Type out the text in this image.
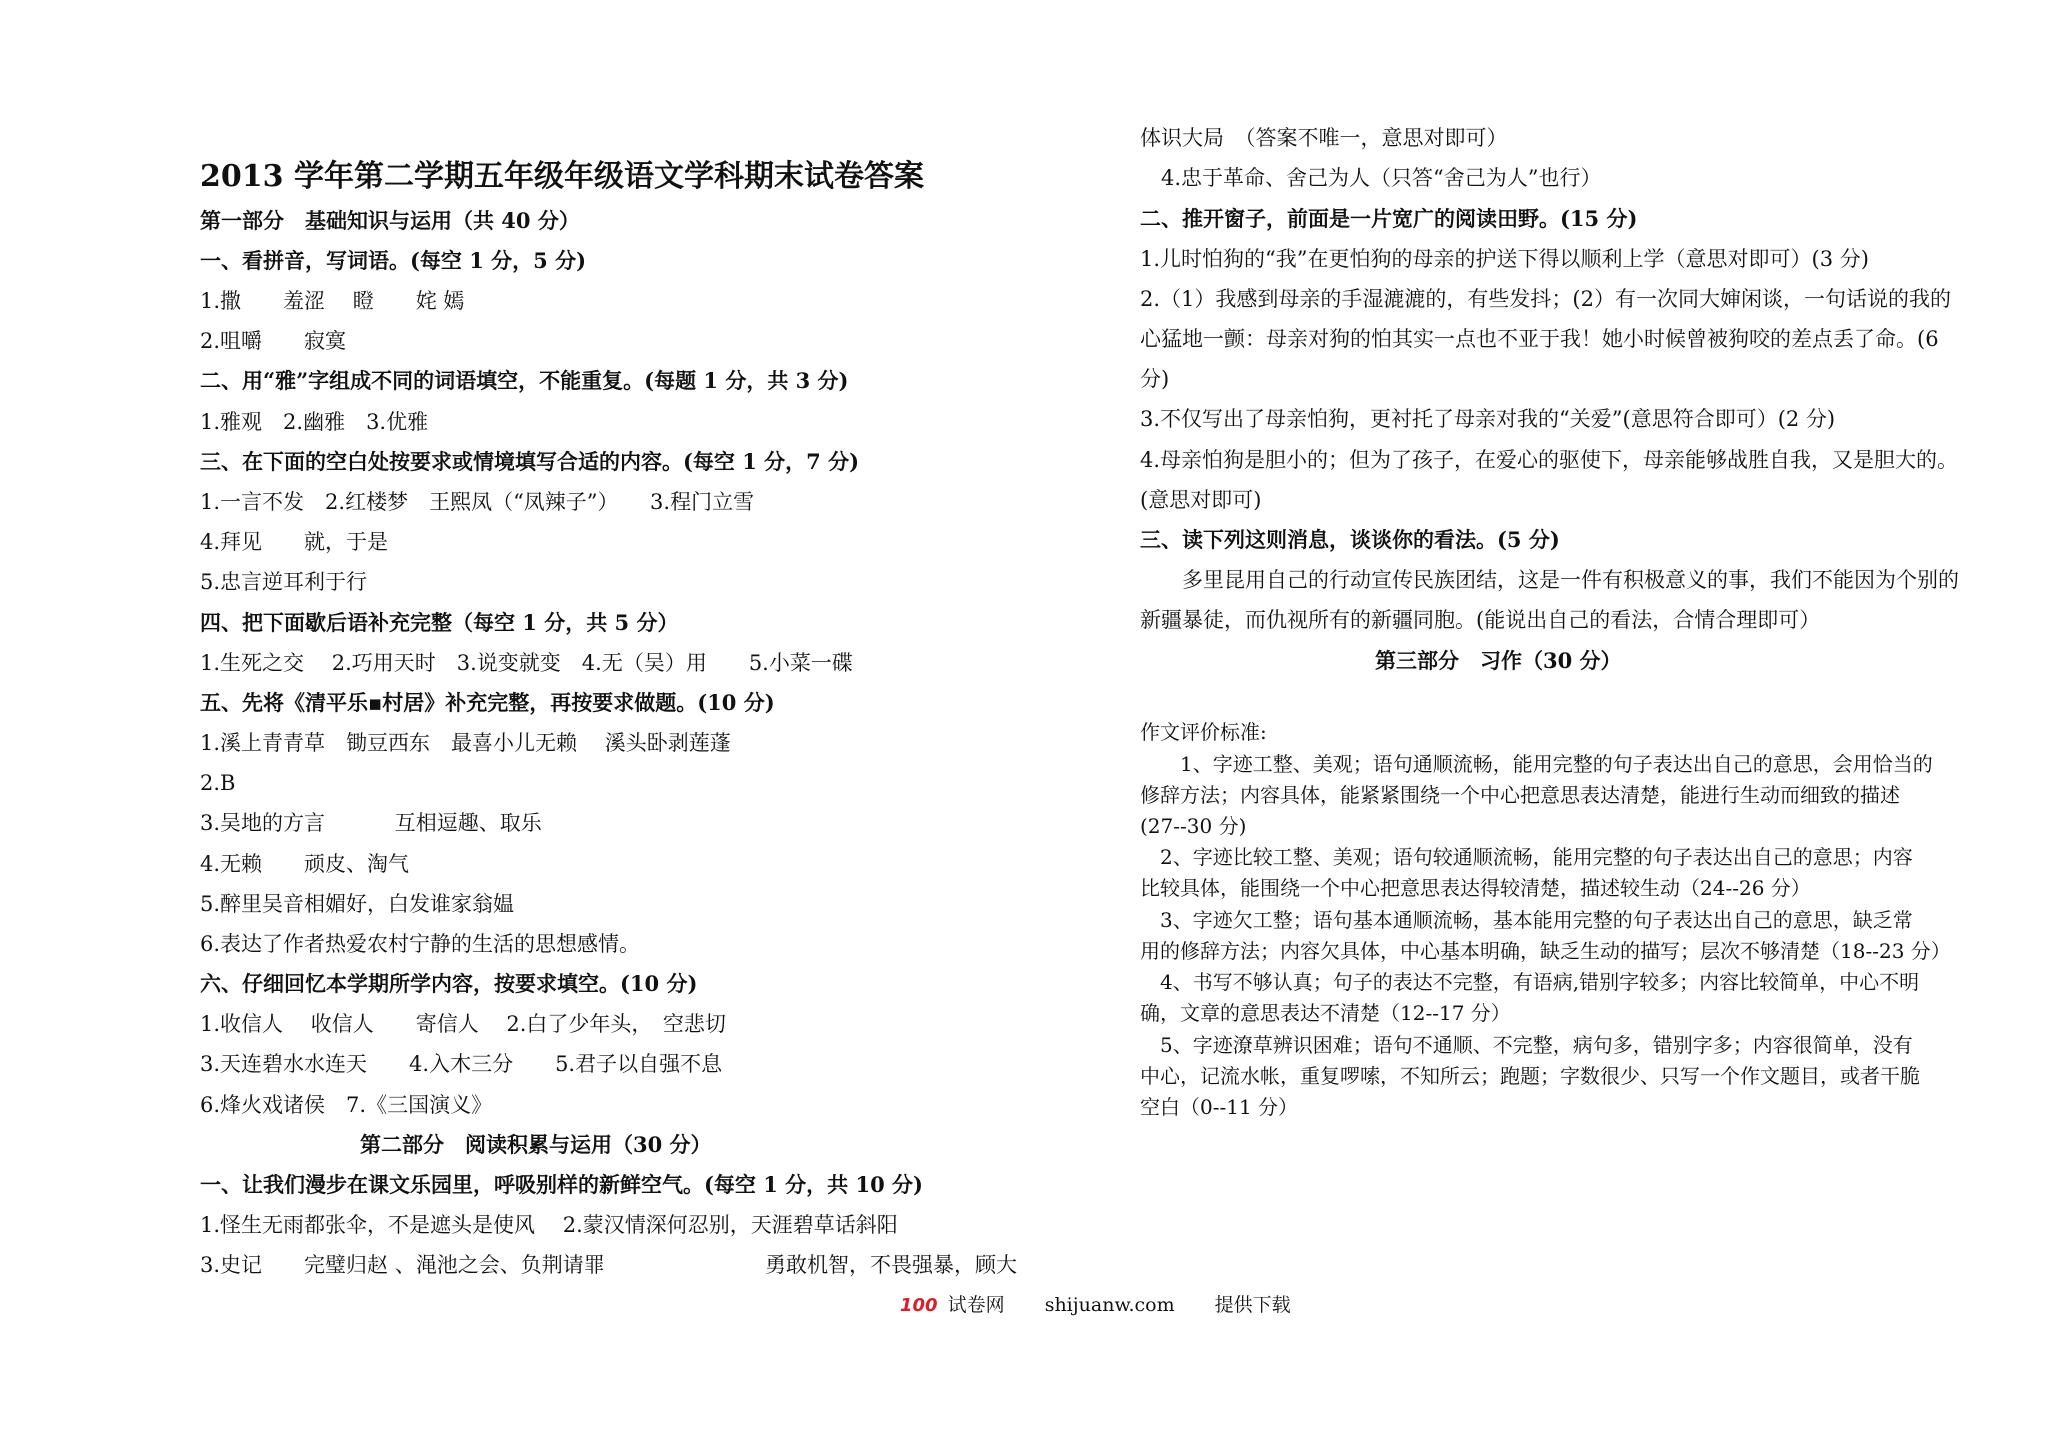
2013 学年第二学期五年级年级语文学科期末试卷答案
第一部分　基础知识与运用（共 40 分）
一、看拼音，写词语。(每空 1 分，5 分)
1.撒　　羞涩　 瞪　　姹 嫣
2.咀嚼　　寂寞
二、用“雅”字组成不同的词语填空，不能重复。(每题 1 分，共 3 分)
1.雅观　2.幽雅　3.优雅
三、在下面的空白处按要求或情境填写合适的内容。(每空 1 分，7 分)
1.一言不发　2.红楼梦　王熙凤（“凤辣子”）　　3.程门立雪
4.拜见　　就，于是
5.忠言逆耳利于行
四、把下面歇后语补充完整（每空 1 分，共 5 分）
1.生死之交　 2.巧用天时　3.说变就变　4.无（吴）用　　5.小菜一碟
五、先将《清平乐▪村居》补充完整，再按要求做题。(10 分)
1.溪上青青草　锄豆西东　最喜小儿无赖　 溪头卧剥莲蓬
2.B
3.吴地的方言　　　 互相逗趣、取乐
4.无赖　　顽皮、淘气
5.醉里吴音相媚好，白发谁家翁媪
6.表达了作者热爱农村宁静的生活的思想感情。
六、仔细回忆本学期所学内容，按要求填空。(10 分)
1.收信人　 收信人　　寄信人　 2.白了少年头，　空悲切
3.天连碧水水连天　　4.入木三分　　5.君子以自强不息
6.烽火戏诸侯　7.《三国演义》
第二部分　阅读积累与运用（30 分）
一、让我们漫步在课文乐园里，呼吸别样的新鲜空气。(每空 1 分，共 10 分)
1.怪生无雨都张伞，不是遮头是使风　 2.蒙汉情深何忍别，天涯碧草话斜阳
3.史记　　完璧归赵 、渑池之会、负荆请罪	勇敢机智，不畏强暴，顾大
体识大局　（答案不唯一，意思对即可）
　4.忠于革命、舍己为人（只答“舍己为人”也行）
二、推开窗子，前面是一片宽广的阅读田野。(15 分)
1.儿时怕狗的“我”在更怕狗的母亲的护送下得以顺利上学（意思对即可）(3 分)
2.（1）我感到母亲的手湿漉漉的，有些发抖；(2）有一次同大婶闲谈，一句话说的我的
心猛地一颤：母亲对狗的怕其实一点也不亚于我！她小时候曾被狗咬的差点丢了命。(6
分)
3.不仅写出了母亲怕狗，更衬托了母亲对我的“关爱”(意思符合即可）(2 分)
4.母亲怕狗是胆小的；但为了孩子，在爱心的驱使下，母亲能够战胜自我，又是胆大的。
(意思对即可)
三、读下列这则消息，谈谈你的看法。(5 分)
　　多里昆用自己的行动宣传民族团结，这是一件有积极意义的事，我们不能因为个别的
新疆暴徒，而仇视所有的新疆同胞。(能说出自己的看法，合情合理即可）
第三部分　习作（30 分）
作文评价标准:
　　1、字迹工整、美观；语句通顺流畅，能用完整的句子表达出自己的意思，会用恰当的
修辞方法；内容具体，能紧紧围绕一个中心把意思表达清楚，能进行生动而细致的描述
(27--30 分)
　2、字迹比较工整、美观；语句较通顺流畅，能用完整的句子表达出自己的意思；内容
比较具体，能围绕一个中心把意思表达得较清楚，描述较生动（24--26 分）
　3、字迹欠工整；语句基本通顺流畅，基本能用完整的句子表达出自己的意思，缺乏常
用的修辞方法；内容欠具体，中心基本明确，缺乏生动的描写；层次不够清楚（18--23 分）
　4、书写不够认真；句子的表达不完整，有语病,错别字较多；内容比较简单，中心不明
确，文章的意思表达不清楚（12--17 分）
　5、字迹潦草辨识困难；语句不通顺、不完整，病句多，错别字多；内容很简单，没有
中心，记流水帐，重复啰嗦，不知所云；跑题；字数很少、只写一个作文题目，或者干脆
空白（0--11 分）
100 试卷网 shijuanw.com 提供下载
